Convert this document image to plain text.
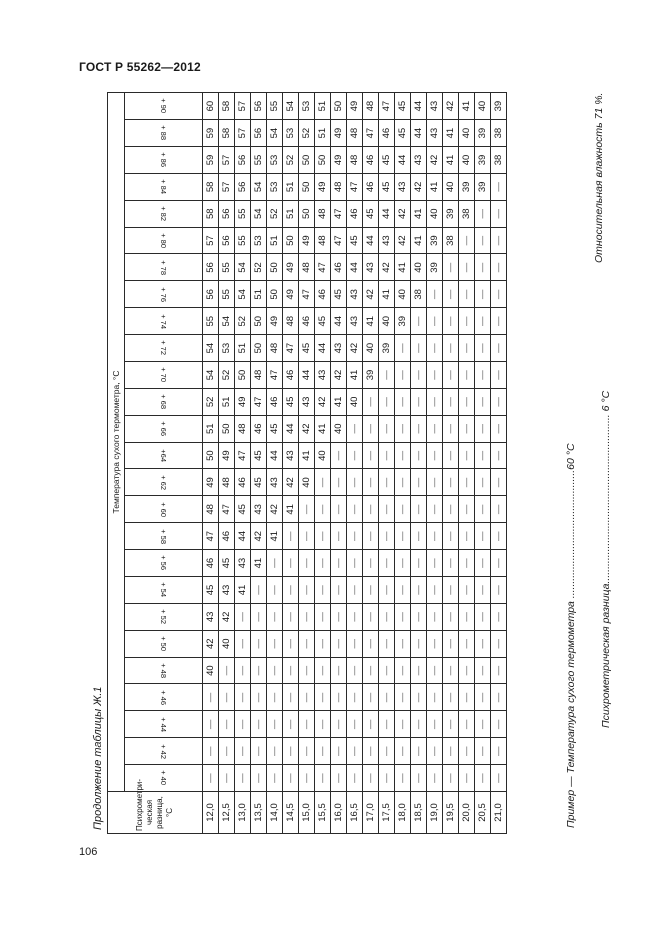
ГОСТ Р 55262—2012
Продолжение таблицы Ж.1	Психрометри-ческая разница, °С	Температура сухого термометра, °С																									
	+ 40	+ 42	+ 44	+ 46	+ 48	+ 50	+ 52	+ 54	+ 56	+ 58	+ 60	+ 62	+64	+ 66	+ 68	+ 70	+ 72	+ 74	+ 76	+ 78	+ 80	+ 82	+ 84	+ 86	+ 88	+ 90
12,0	—	—	—	—	40	42	43	45	46	47	48	49	50	51	52	54	54	55	56	56	57	58	58	59	59	60
12,5	—	—	—	—	—	40	42	43	45	46	47	48	49	50	51	52	53	54	55	55	56	56	57	57	58	58
13,0	—	—	—	—	—	—	—	41	43	44	45	46	47	48	49	50	51	52	54	54	55	55	56	56	57	57
13,5	—	—	—	—	—	—	—	—	41	42	43	45	45	46	47	48	50	50	51	52	53	54	54	55	56	56
14,0	—	—	—	—	—	—	—	—	—	41	42	43	44	45	46	47	48	49	50	50	51	52	53	53	54	55
14,5	—	—	—	—	—	—	—	—	—	—	41	42	43	44	45	46	47	48	49	49	50	51	51	52	53	54
15,0	—	—	—	—	—	—	—	—	—	—	—	40	41	42	43	44	45	46	47	48	49	50	50	50	52	53
15,5	—	—	—	—	—	—	—	—	—	—	—	—	40	41	42	43	44	45	46	47	48	48	49	50	51	51
16,0	—	—	—	—	—	—	—	—	—	—	—	—	—	40	41	42	43	44	45	46	47	47	48	49	49	50
16,5	—	—	—	—	—	—	—	—	—	—	—	—	—	—	40	41	42	43	43	44	45	46	47	48	48	49
17,0	—	—	—	—	—	—	—	—	—	—	—	—	—	—	—	39	40	41	42	43	44	45	46	46	47	48
17,5	—	—	—	—	—	—	—	—	—	—	—	—	—	—	—	—	39	40	41	42	43	44	45	45	46	47
18,0	—	—	—	—	—	—	—	—	—	—	—	—	—	—	—	—	—	39	40	41	42	42	43	44	45	45
18,5	—	—	—	—	—	—	—	—	—	—	—	—	—	—	—	—	—	—	38	40	41	41	42	43	44	44
19,0	—	—	—	—	—	—	—	—	—	—	—	—	—	—	—	—	—	—	—	39	39	40	41	42	43	43
19,5	—	—	—	—	—	—	—	—	—	—	—	—	—	—	—	—	—	—	—	—	38	39	40	41	41	42
20,0	—	—	—	—	—	—	—	—	—	—	—	—	—	—	—	—	—	—	—	—	—	38	39	40	40	41
20,5	—	—	—	—	—	—	—	—	—	—	—	—	—	—	—	—	—	—	—	—	—	—	39	39	39	40
21,0	—	—	—	—	—	—	—	—	—	—	—	—	—	—	—	—	—	—	—	—	—	—	—	38	38	39
Пример — Температура сухого термометра ............................................60 °С Психрометрическая разница.......................................................... 6 °С
Относительная влажность 71 %.
106
